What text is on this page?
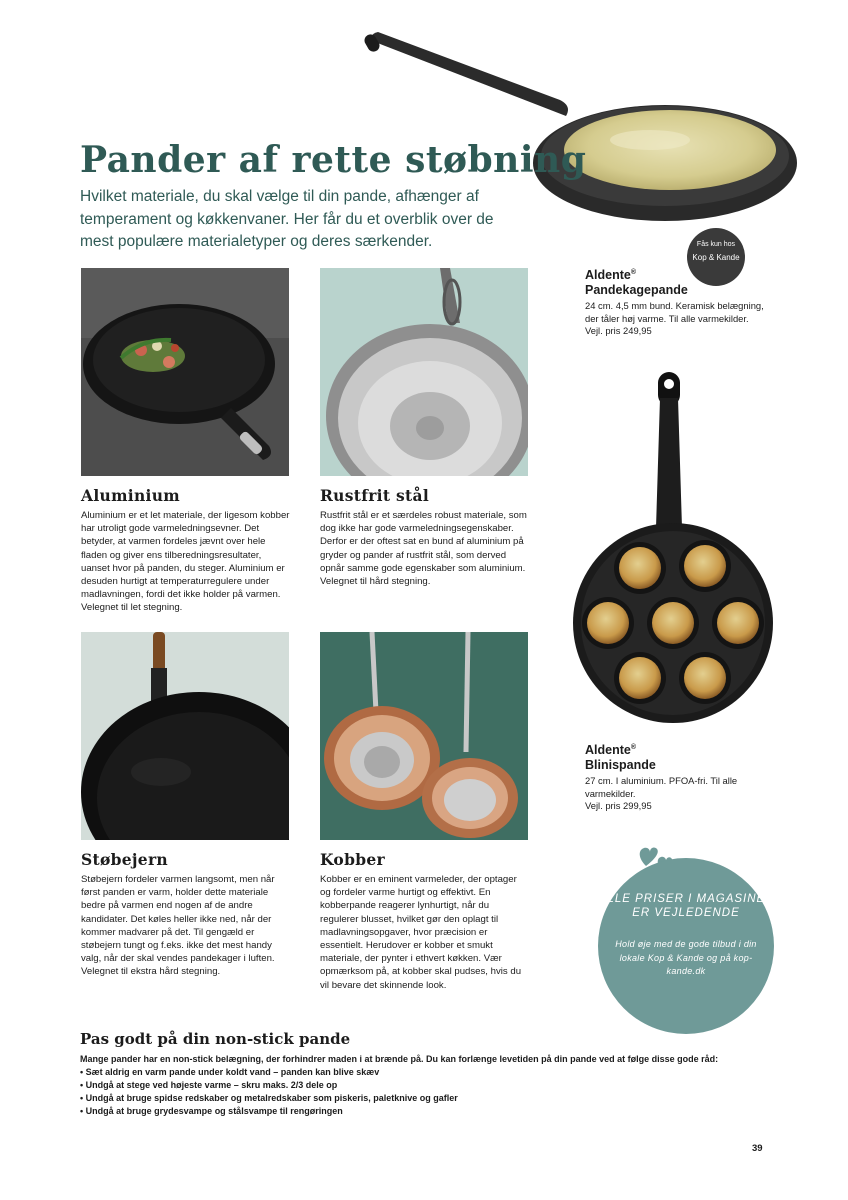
Fås kun hos
Kop & Kande
Pander af rette støbning

Hvilket materiale, du skal vælge til din pande, afhænger af temperament og køkkenvaner. Her får du et overblik over de mest populære materialetyper og deres særkender.

Aluminium

Aluminium er et let materiale, der ligesom kobber har utroligt gode varmeledningsevner. Det betyder, at varmen fordeles jævnt over hele fladen og giver ens tilberedningsresultater, uanset hvor på panden, du steger. Aluminium er desuden hurtigt at temperaturregulere under madlavningen, fordi det ikke holder på varmen. Velegnet til let stegning.

Rustfrit stål

Rustfrit stål er et særdeles robust materiale, som dog ikke har gode varmeledningsegenskaber. Derfor er der oftest sat en bund af aluminium på gryder og pander af rustfrit stål, som derved opnår samme gode egenskaber som aluminium. Velegnet til hård stegning.

Støbejern

Støbejern fordeler varmen langsomt, men når først panden er varm, holder dette materiale bedre på varmen end nogen af de andre kandidater. Det køles heller ikke ned, når der kommer madvarer på det. Til gengæld er støbejern tungt og f.eks. ikke det mest handy valg, når der skal vendes pandekager i luften. Velegnet til ekstra hård stegning.

Kobber

Kobber er en eminent varmeleder, der optager og fordeler varme hurtigt og effektivt. En kobberpande reagerer lynhurtigt, når du regulerer blusset, hvilket gør den oplagt til madlavningsopgaver, hvor præcision er essentielt. Herudover er kobber et smukt materiale, der pynter i ethvert køkken. Vær opmærksom på, at kobber skal pudses, hvis du vil bevare det skinnende look.

Aldente®
Pandekagepande
24 cm. 4,5 mm bund. Keramisk belægning, der tåler høj varme. Til alle varmekilder.
Vejl. pris 249,95
Aldente®
Blinispande
27 cm. I aluminium. PFOA-fri. Til alle varmekilder.
Vejl. pris 299,95
ALLE PRISER I MAGASINET ER VEJLEDENDE
Hold øje med de gode tilbud i din lokale Kop & Kande og på kop-kande.dk
Pas godt på din non-stick pande

Mange pander har en non-stick belægning, der forhindrer maden i at brænde på. Du kan forlænge levetiden på din pande ved at følge disse gode råd:

• Sæt aldrig en varm pande under koldt vand – panden kan blive skæv
• Undgå at stege ved højeste varme – skru maks. 2/3 dele op
• Undgå at bruge spidse redskaber og metalredskaber som piskeris, paletknive og gafler
• Undgå at bruge grydesvampe og stålsvampe til rengøringen
39
